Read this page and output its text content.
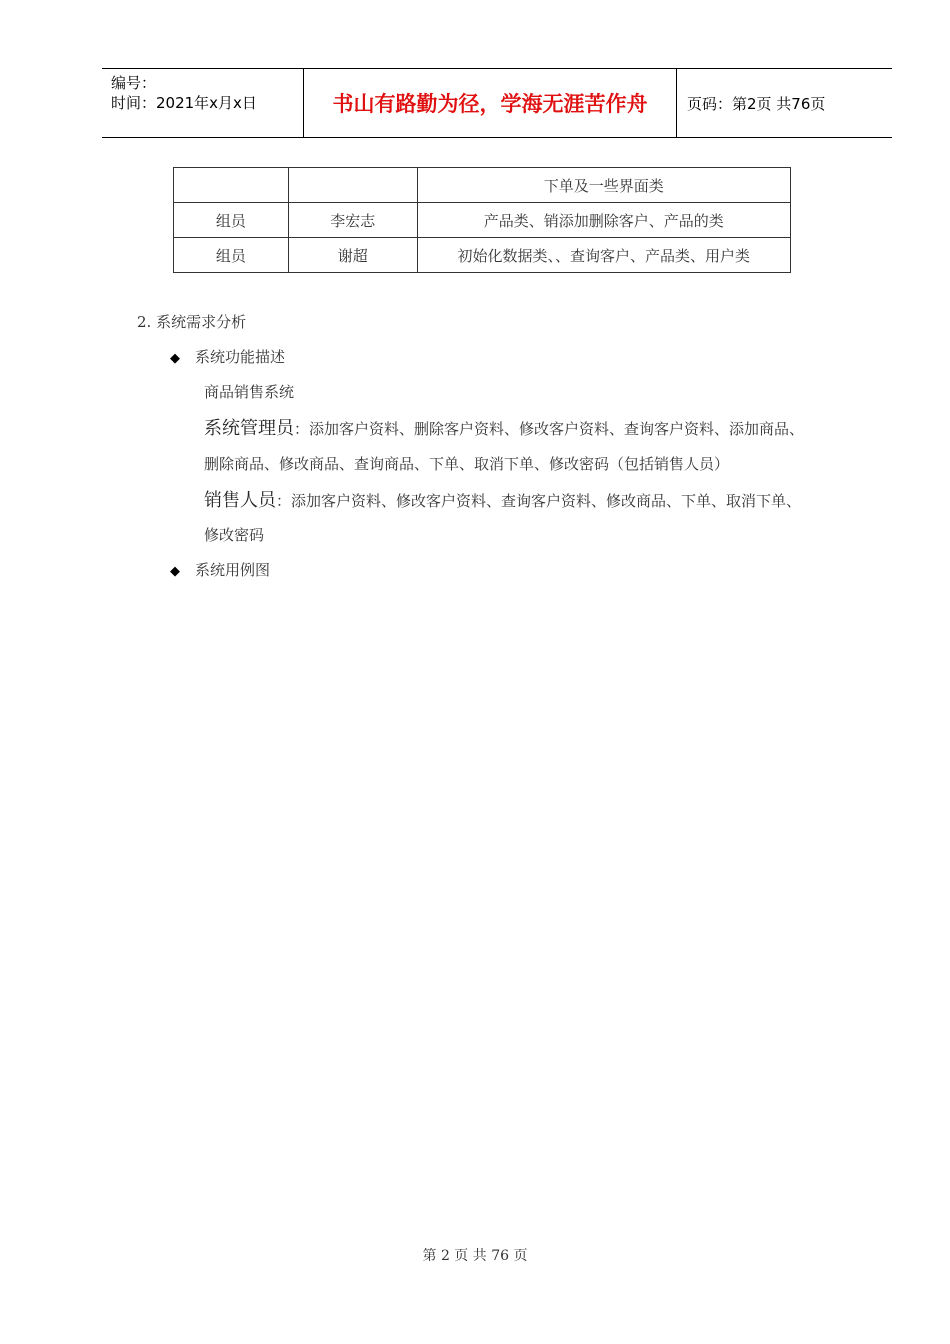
编号：
时间：2021年x月x日	书山有路勤为径，学海无涯苦作舟	页码：第2页 共76页
		下单及一些界面类
组员	李宏志	产品类、销添加删除客户、产品的类
组员	谢超	初始化数据类、、查询客户、产品类、用户类
2. 系统需求分析
◆ 系统功能描述
商品销售系统
系统管理员：添加客户资料、删除客户资料、修改客户资料、查询客户资料、添加商品、
删除商品、修改商品、查询商品、下单、取消下单、修改密码（包括销售人员）
销售人员：添加客户资料、修改客户资料、查询客户资料、修改商品、下单、取消下单、
修改密码
◆ 系统用例图
第 2 页 共 76 页
